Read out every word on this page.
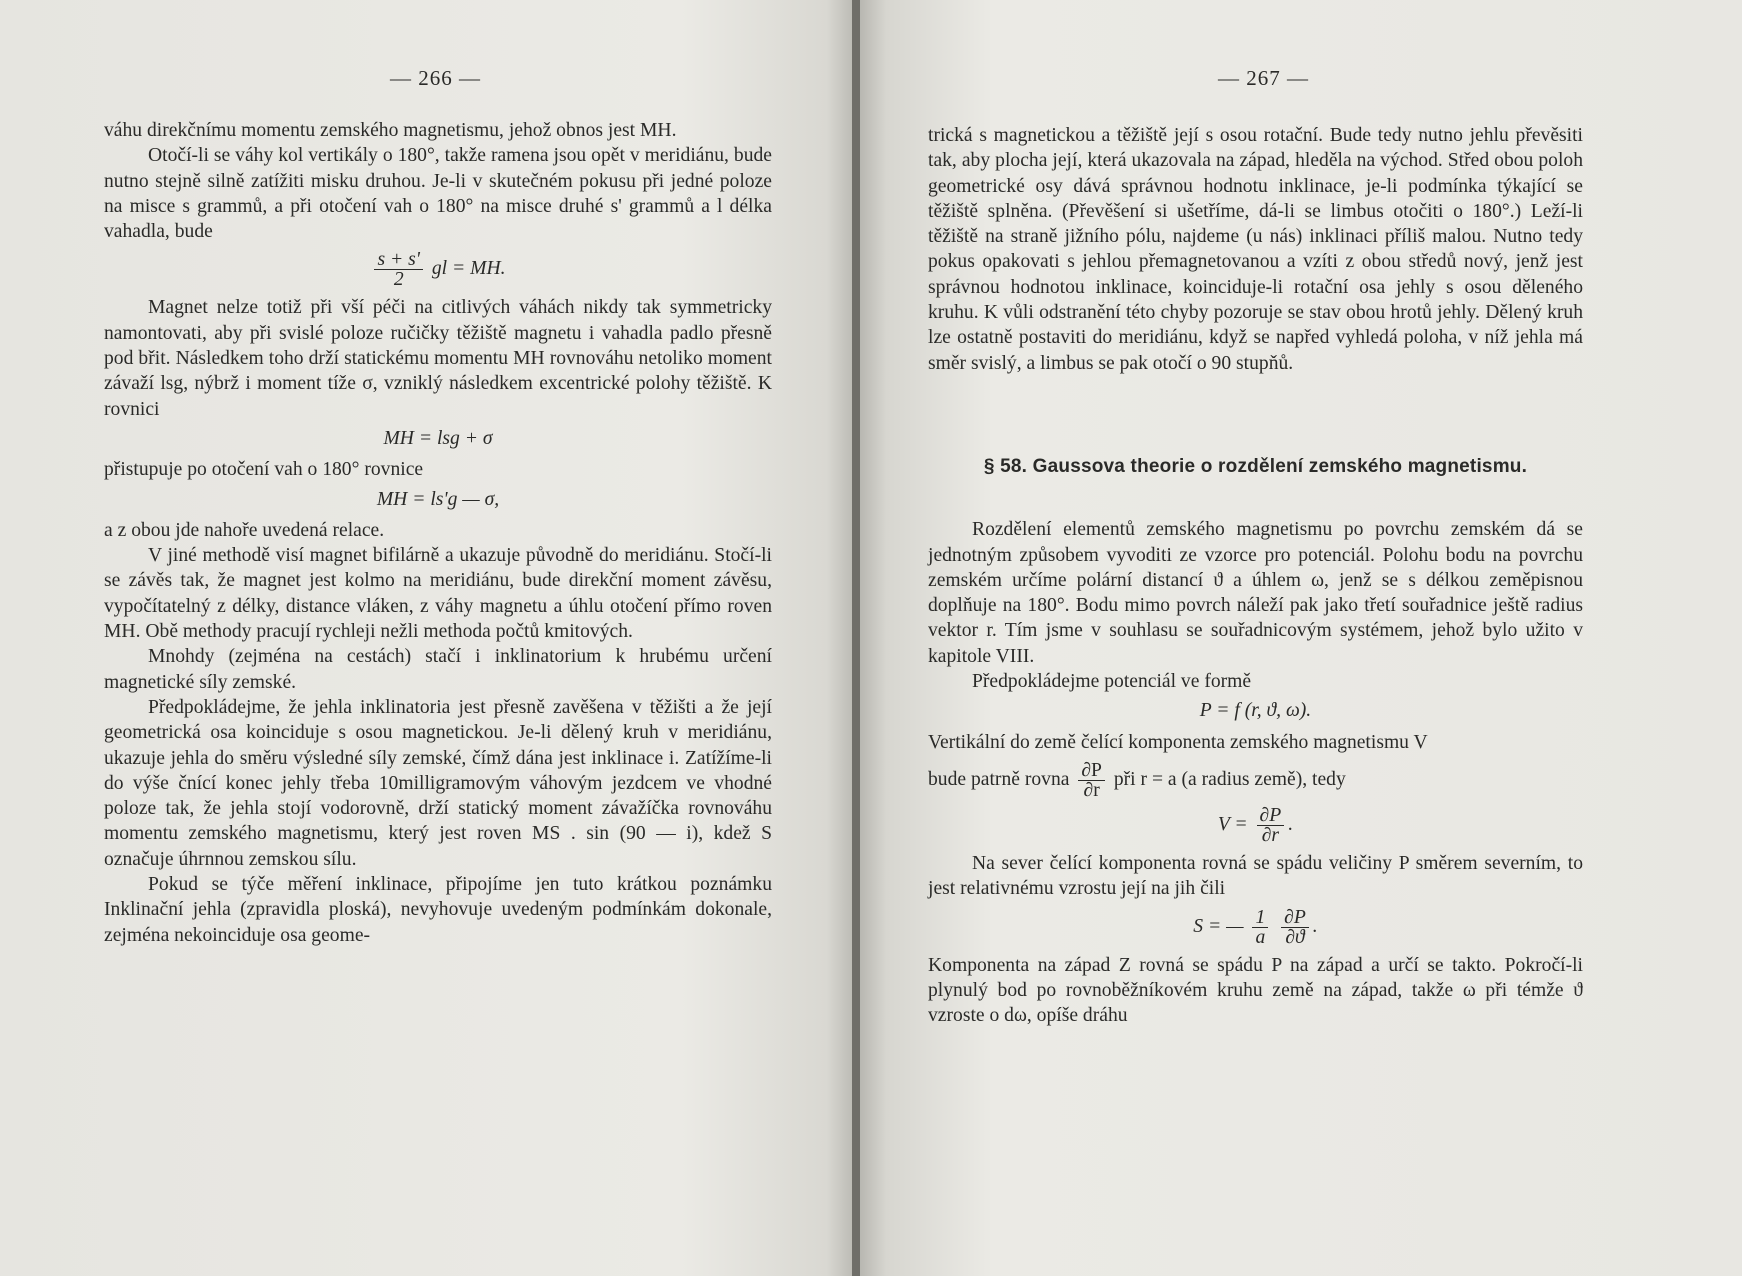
— 266 —

váhu direkčnímu momentu zemského magnetismu, jehož obnos jest MH.

Otočí-li se váhy kol vertikály o 180°, takže ramena jsou opět v meridiánu, bude nutno stejně silně zatížiti misku druhou. Je-li v skutečném pokusu při jedné poloze na misce s grammů, a při otočení vah o 180° na misce druhé s' grammů a l délka vahadla, bude

$\frac{s + s'}{2}$ gl = MH.

Magnet nelze totiž při vší péči na citlivých váhách nikdy tak symmetricky namontovati, aby při svislé poloze ručičky těžiště magnetu i vahadla padlo přesně pod břit. Následkem toho drží statickému momentu MH rovnováhu netoliko moment závaží lsg, nýbrž i moment tíže σ, vzniklý následkem excentrické polohy těžiště. K rovnici

MH = lsg + σ

přistupuje po otočení vah o 180° rovnice

MH = ls'g — σ,

a z obou jde nahoře uvedená relace.

V jiné methodě visí magnet bifilárně a ukazuje původně do meridiánu. Stočí-li se závěs tak, že magnet jest kolmo na meridiánu, bude direkční moment závěsu, vypočítatelný z délky, distance vláken, z váhy magnetu a úhlu otočení přímo roven MH. Obě methody pracují rychleji nežli methoda počtů kmitových.

Mnohdy (zejména na cestách) stačí i inklinatorium k hrubému určení magnetické síly zemské.

Předpokládejme, že jehla inklinatoria jest přesně zavěšena v těžišti a že její geometrická osa koinciduje s osou magnetickou. Je-li dělený kruh v meridiánu, ukazuje jehla do směru výsledné síly zemské, čímž dána jest inklinace i. Zatížíme-li do výše čnící konec jehly třeba 10milligramovým váhovým jezdcem ve vhodné poloze tak, že jehla stojí vodorovně, drží statický moment závažíčka rovnováhu momentu zemského magnetismu, který jest roven MS . sin (90 — i), kdež S označuje úhrnnou zemskou sílu.

Pokud se týče měření inklinace, připojíme jen tuto krátkou poznámku Inklinační jehla (zpravidla ploská), nevyhovuje uvedeným podmínkám dokonale, zejména nekoinciduje osa geome-

— 267 —

trická s magnetickou a těžiště její s osou rotační. Bude tedy nutno jehlu převěsiti tak, aby plocha její, která ukazovala na západ, hleděla na východ. Střed obou poloh geometrické osy dává správnou hodnotu inklinace, je-li podmínka týkající se těžiště splněna. (Převěšení si ušetříme, dá-li se limbus otočiti o 180°.) Leží-li těžiště na straně jižního pólu, najdeme (u nás) inklinaci příliš malou. Nutno tedy pokus opakovati s jehlou přemagnetovanou a vzíti z obou středů nový, jenž jest správnou hodnotou inklinace, koinciduje-li rotační osa jehly s osou děleného kruhu. K vůli odstranění této chyby pozoruje se stav obou hrotů jehly. Dělený kruh lze ostatně postaviti do meridiánu, když se napřed vyhledá poloha, v níž jehla má směr svislý, a limbus se pak otočí o 90 stupňů.

§ 58. Gaussova theorie o rozdělení zemského magnetismu.

Rozdělení elementů zemského magnetismu po povrchu zemském dá se jednotným způsobem vyvoditi ze vzorce pro potenciál. Polohu bodu na povrchu zemském určíme polární distancí ϑ a úhlem ω, jenž se s délkou zeměpisnou doplňuje na 180°. Bodu mimo povrch náleží pak jako třetí souřadnice ještě radius vektor r. Tím jsme v souhlasu se souřadnicovým systémem, jehož bylo užito v kapitole VIII.

Předpokládejme potenciál ve formě

P = f (r, ϑ, ω).

Vertikální do země čelící komponenta zemského magnetismu V

bude patrně rovna $\frac{\partial P}{\partial r}$ při r = a (a radius země), tedy

$V = \frac{\partial P}{\partial r}$ .

Na sever čelící komponenta rovná se spádu veličiny P směrem severním, to jest relativnému vzrostu její na jih čili

S = — $\frac{1}{a}$
$\frac{\partial P}{\partial ϑ}$ .

Komponenta na západ Z rovná se spádu P na západ a určí se takto. Pokročí-li plynulý bod po rovnoběžníkovém kruhu země na západ, takže ω při témže ϑ vzroste o dω, opíše dráhu
